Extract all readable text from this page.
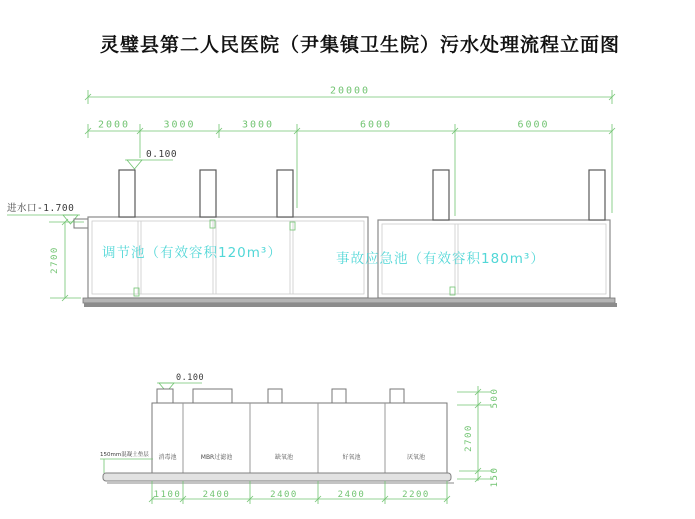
灵璧县第二人民医院（尹集镇卫生院）污水处理流程立面图
20000
2000	3000	3000	6000	6000
0.100
进水口-1.700
2700	调节池（有效容积120m³）	事故应急池（有效容积180m³）
0.100
消毒池	MBR过滤池	缺氧池	好氧池	厌氧池
150mm混凝土垫层
500
2700
150
1100 2400	2400	2400	2200
